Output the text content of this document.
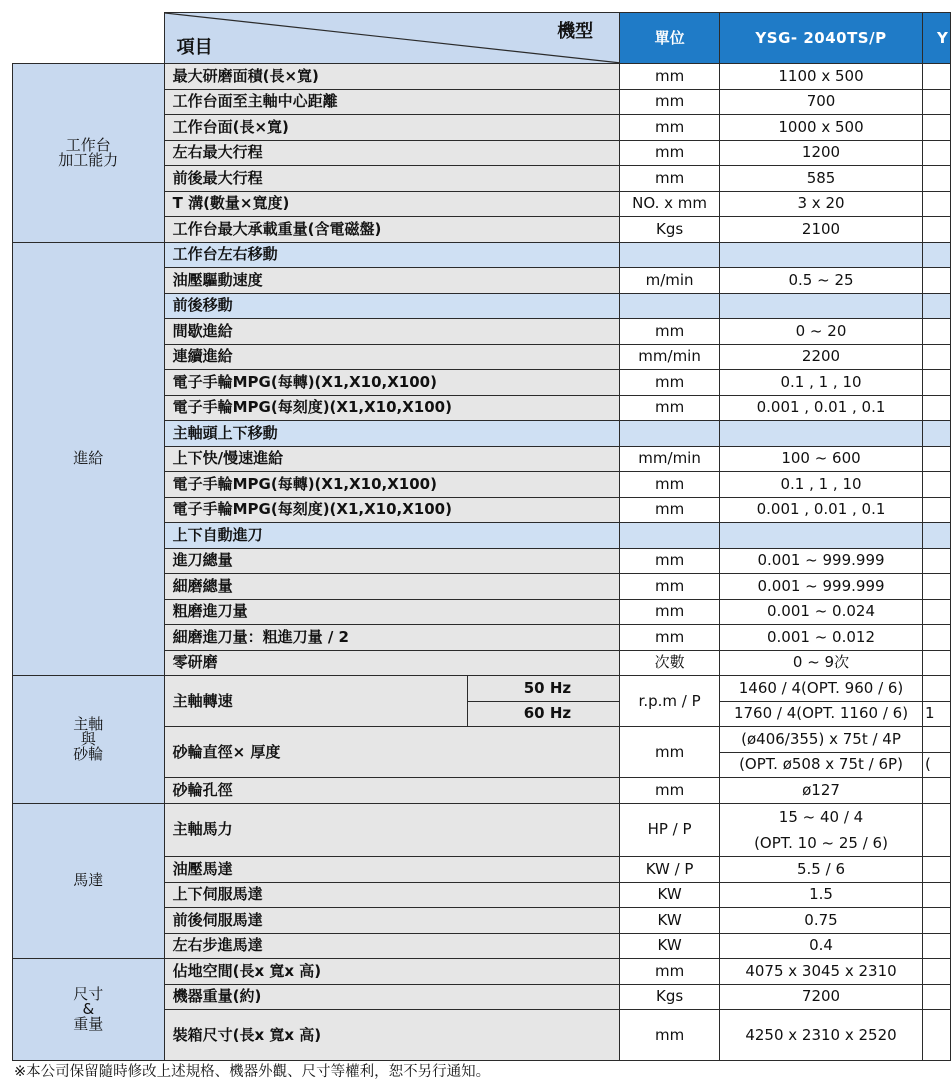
	機型
項目		單位	YSG- 2040TS/P	Y

工作台
加工能力	最大研磨面積(長×寬)		mm	1100 x 500	
	工作台面至主軸中心距離		mm	700	
	工作台面(長×寬)		mm	1000 x 500	
	左右最大行程		mm	1200	
	前後最大行程		mm	585	
	T 溝(數量×寬度)		NO. x mm	3 x 20	
	工作台最大承載重量(含電磁盤)		Kgs	2100	

進給	工作台左右移動				
	油壓驅動速度		m/min	0.5 ~ 25	
	前後移動				
	間歇進給		mm	0 ~ 20	
	連續進給		mm/min	2200	
	電子手輪MPG(每轉)(X1,X10,X100)		mm	0.1 , 1 , 10	
	電子手輪MPG(每刻度)(X1,X10,X100)		mm	0.001 , 0.01 , 0.1	
	主軸頭上下移動				
	上下快/慢速進給		mm/min	100 ~ 600	
	電子手輪MPG(每轉)(X1,X10,X100)		mm	0.1 , 1 , 10	
	電子手輪MPG(每刻度)(X1,X10,X100)		mm	0.001 , 0.01 , 0.1	
	上下自動進刀				
	進刀總量		mm	0.001 ~ 999.999	
	細磨總量		mm	0.001 ~ 999.999	
	粗磨進刀量		mm	0.001 ~ 0.024	
	細磨進刀量：粗進刀量 / 2		mm	0.001 ~ 0.012	
	零研磨		次數	0 ~ 9次	

主軸
與
砂輪	主軸轉速	50 Hz	r.p.m / P	1460 / 4(OPT. 960 / 6)	
		60 Hz		1760 / 4(OPT. 1160 / 6)	1
	砂輪直徑× 厚度		mm	(ø406/355) x 75t / 4P	
				(OPT. ø508 x 75t / 6P)	(
	砂輪孔徑		mm	ø127	

馬達	主軸馬力		HP / P	15 ~ 40 / 4
(OPT. 10 ~ 25 / 6)	
	油壓馬達		KW / P	5.5 / 6	
	上下伺服馬達		KW	1.5	
	前後伺服馬達		KW	0.75	
	左右步進馬達		KW	0.4	

尺寸
&
重量	佔地空間(長x 寬x 高)		mm	4075 x 3045 x 2310	
	機器重量(約)		Kgs	7200	
	裝箱尺寸(長x 寬x 高)		mm	4250 x 2310 x 2520	
※本公司保留隨時修改上述規格、機器外觀、尺寸等權利，恕不另行通知。
